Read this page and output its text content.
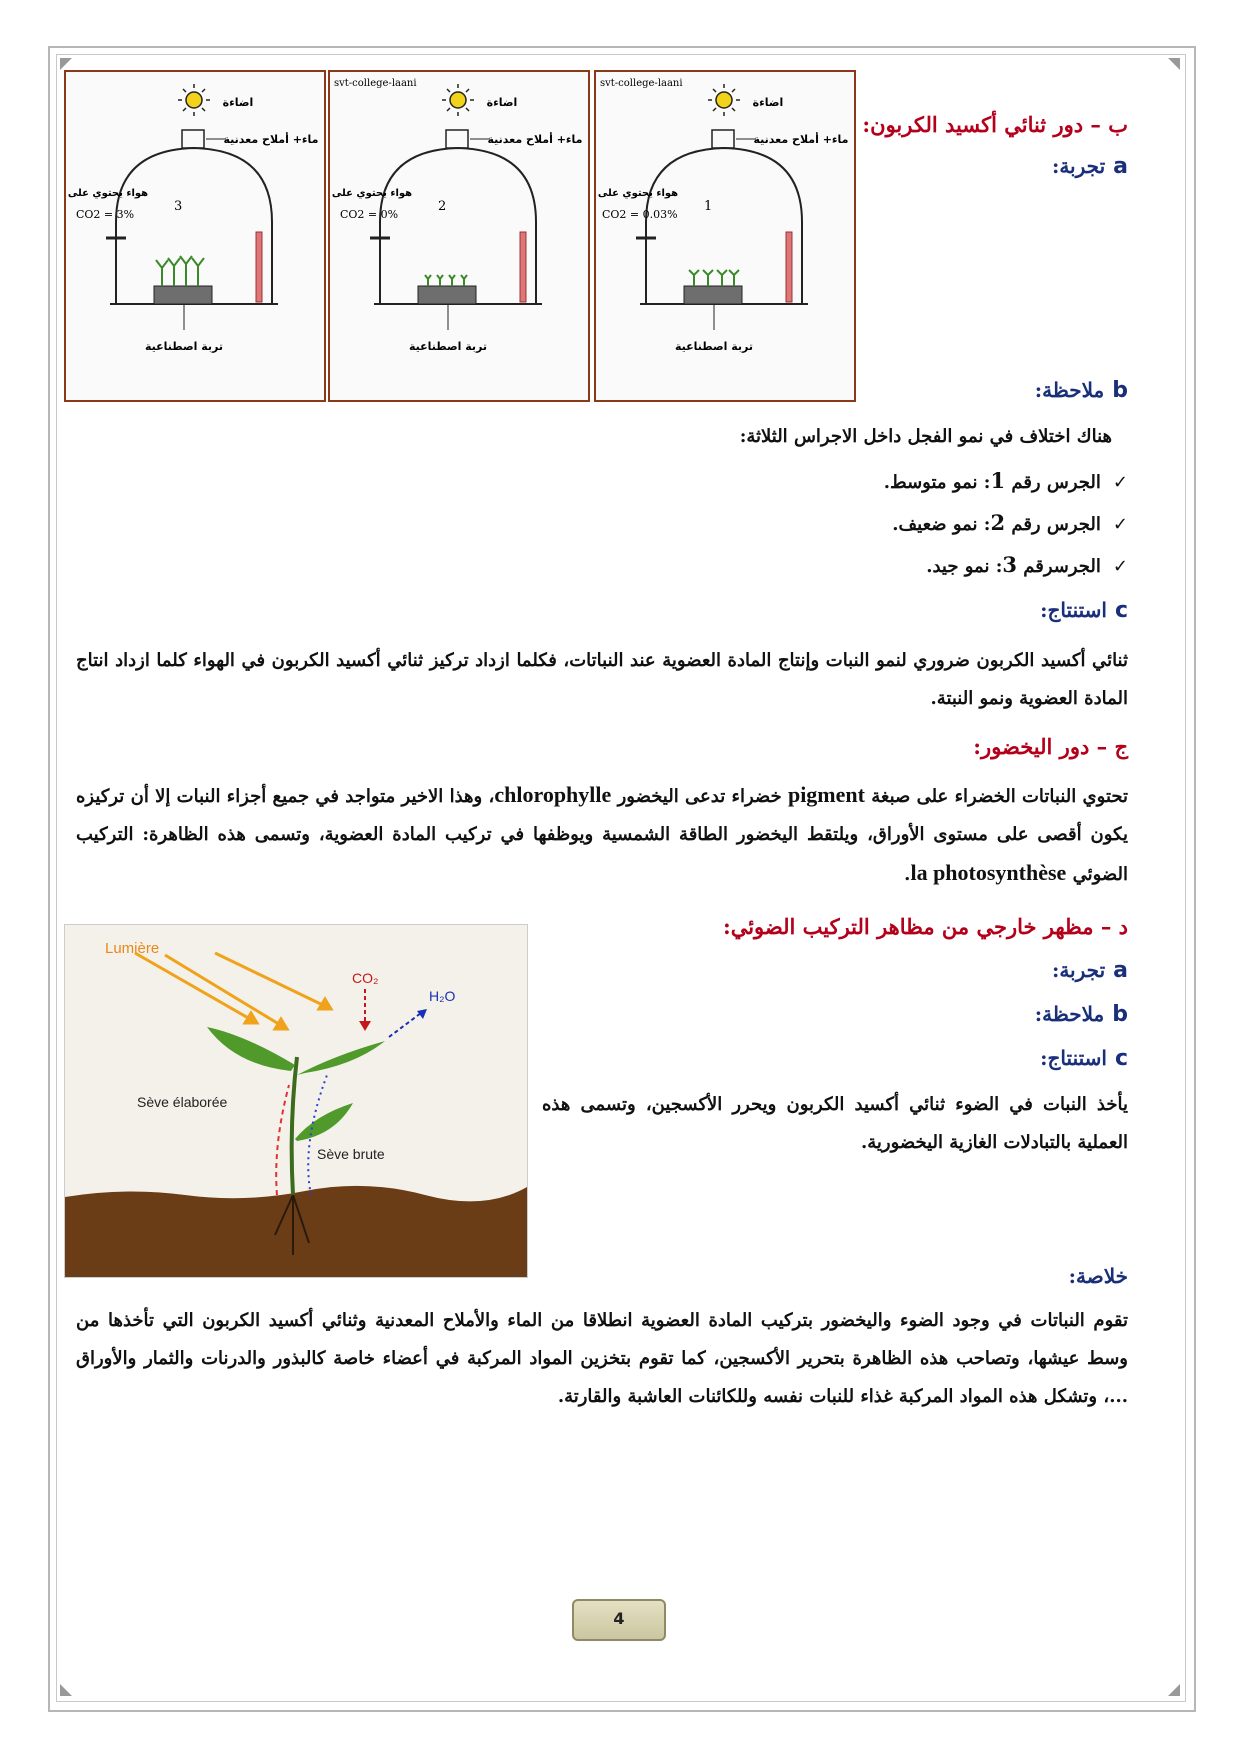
اضاءة
ماء+ أملاح معدنية
هواء يحتوي على
CO2 ‎= 3%
3
تربة اصطناعية
svt-college-laani
اضاءة
ماء+ أملاح معدنية
هواء يحتوي على
CO2 ‎= 0%
2
تربة اصطناعية
svt-college-laani
اضاءة
ماء+ أملاح معدنية
هواء يحتوي على
CO2 ‎= 0.03%
1
تربة اصطناعية
ب – دور ثنائي أكسيد الكربون:
aتجربة:
bملاحظة:
هناك اختلاف في نمو الفجل داخل الاجراس الثلاثة:
✓الجرس رقم 1: نمو متوسط.
✓الجرس رقم 2: نمو ضعيف.
✓الجرسرقم 3: نمو جيد.
cاستنتاج:
ثنائي أكسيد الكربون ضروري لنمو النبات وإنتاج المادة العضوية عند النباتات، فكلما ازداد تركيز ثنائي أكسيد الكربون في الهواء كلما ازداد انتاج المادة العضوية ونمو النبتة.
ج – دور اليخضور:
تحتوي النباتات الخضراء على صبغة pigment خضراء تدعى اليخضور chlorophylle، وهذا الاخير متواجد في جميع أجزاء النبات إلا أن تركيزه يكون أقصى على مستوى الأوراق، ويلتقط اليخضور الطاقة الشمسية ويوظفها في تركيب المادة العضوية، وتسمى هذه الظاهرة: التركيب الضوئي la photosynthèse.
د – مظهر خارجي من مظاهر التركيب الضوئي:
aتجربة:
bملاحظة:
cاستنتاج:
يأخذ النبات في الضوء ثنائي أكسيد الكربون ويحرر الأكسجين، وتسمى هذه العملية بالتبادلات الغازية اليخضورية.
Lumière
CO₂
H₂O
Sève élaborée
Sève brute
خلاصة:
تقوم النباتات في وجود الضوء واليخضور بتركيب المادة العضوية انطلاقا من الماء والأملاح المعدنية وثنائي أكسيد الكربون التي تأخذها من وسط عيشها، وتصاحب هذه الظاهرة بتحرير الأكسجين، كما تقوم بتخزين المواد المركبة في أعضاء خاصة كالبذور والدرنات والثمار والأوراق ...، وتشكل هذه المواد المركبة غذاء للنبات نفسه وللكائنات العاشبة والقارتة.
4
